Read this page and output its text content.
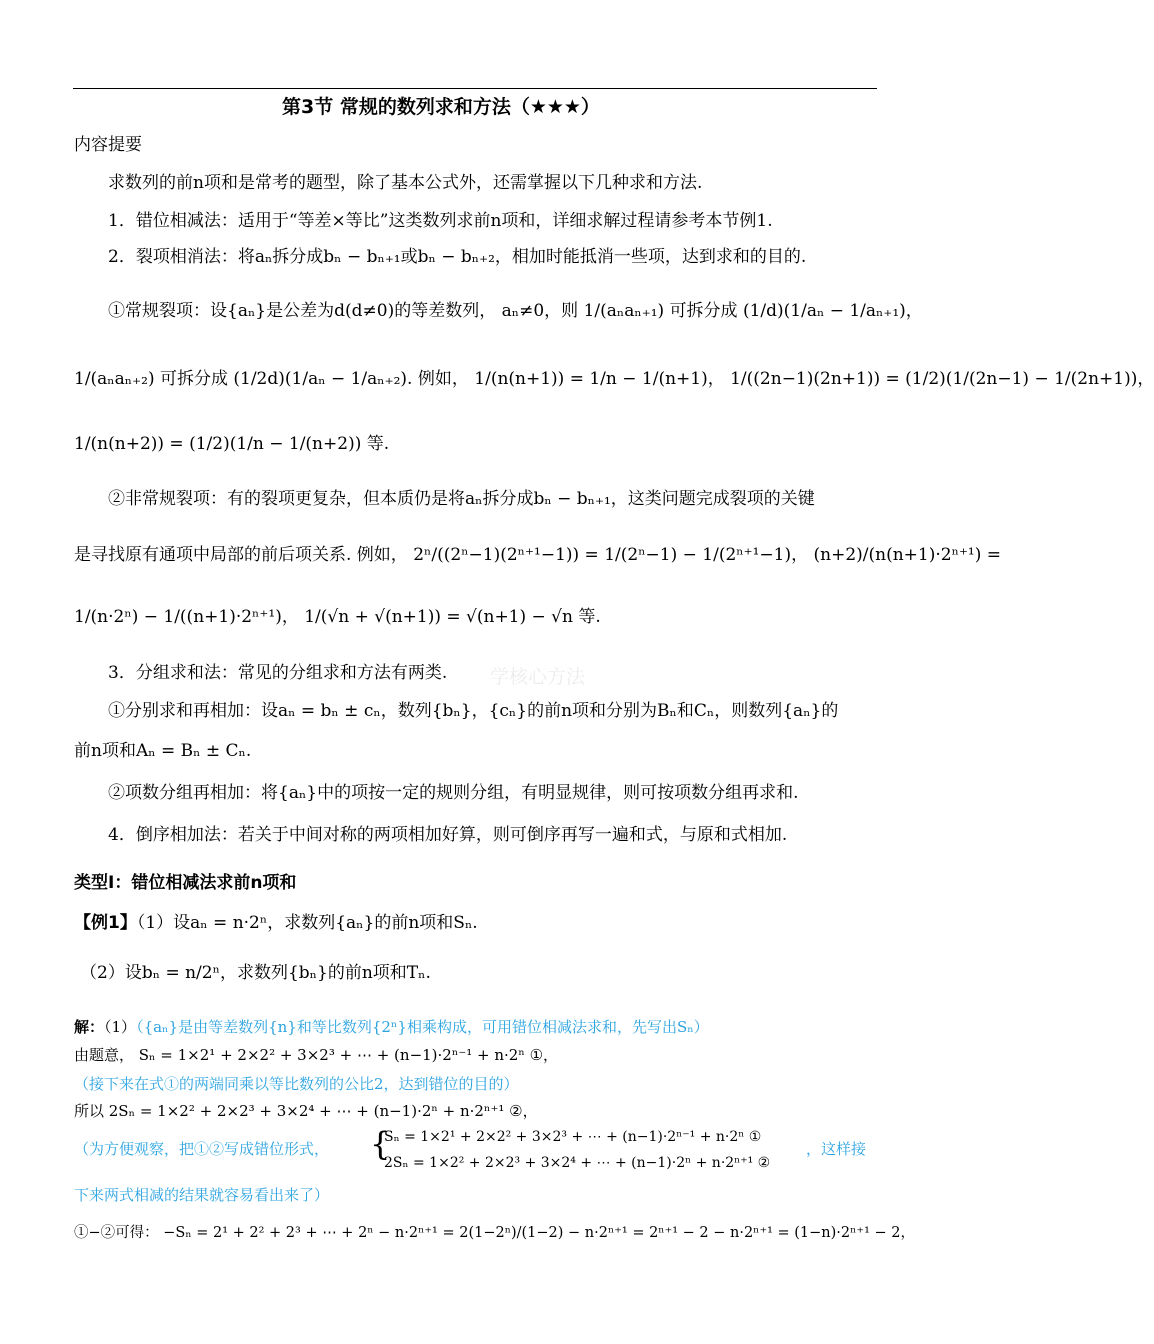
学核心方法
第3节 常规的数列求和方法（★★★）
内容提要
求数列的前n项和是常考的题型，除了基本公式外，还需掌握以下几种求和方法.
1．错位相减法：适用于“等差×等比”这类数列求前n项和，详细求解过程请参考本节例1.
2．裂项相消法：将aₙ拆分成bₙ − bₙ₊₁或bₙ − bₙ₊₂，相加时能抵消一些项，达到求和的目的.
①常规裂项：设{aₙ}是公差为d(d≠0)的等差数列， aₙ≠0，则 1/(aₙaₙ₊₁) 可拆分成 (1/d)(1/aₙ − 1/aₙ₊₁)，
1/(aₙaₙ₊₂) 可拆分成 (1/2d)(1/aₙ − 1/aₙ₊₂). 例如， 1/(n(n+1)) = 1/n − 1/(n+1)， 1/((2n−1)(2n+1)) = (1/2)(1/(2n−1) − 1/(2n+1))，
1/(n(n+2)) = (1/2)(1/n − 1/(n+2)) 等.
②非常规裂项：有的裂项更复杂，但本质仍是将aₙ拆分成bₙ − bₙ₊₁，这类问题完成裂项的关键
是寻找原有通项中局部的前后项关系. 例如， 2ⁿ/((2ⁿ−1)(2ⁿ⁺¹−1)) = 1/(2ⁿ−1) − 1/(2ⁿ⁺¹−1)， (n+2)/(n(n+1)·2ⁿ⁺¹) =
1/(n·2ⁿ) − 1/((n+1)·2ⁿ⁺¹)， 1/(√n + √(n+1)) = √(n+1) − √n 等.
3．分组求和法：常见的分组求和方法有两类.
①分别求和再相加：设aₙ = bₙ ± cₙ，数列{bₙ}，{cₙ}的前n项和分别为Bₙ和Cₙ，则数列{aₙ}的
前n项和Aₙ = Bₙ ± Cₙ.
②项数分组再相加：将{aₙ}中的项按一定的规则分组，有明显规律，则可按项数分组再求和.
4．倒序相加法：若关于中间对称的两项相加好算，则可倒序再写一遍和式，与原和式相加.
类型Ⅰ：错位相减法求前n项和
【例1】（1）设aₙ = n·2ⁿ，求数列{aₙ}的前n项和Sₙ.
（2）设bₙ = n/2ⁿ，求数列{bₙ}的前n项和Tₙ.
解：（1）（{aₙ}是由等差数列{n}和等比数列{2ⁿ}相乘构成，可用错位相减法求和，先写出Sₙ）
由题意， Sₙ = 1×2¹ + 2×2² + 3×2³ + ⋯ + (n−1)·2ⁿ⁻¹ + n·2ⁿ ①，
（接下来在式①的两端同乘以等比数列的公比2，达到错位的目的）
所以 2Sₙ = 1×2² + 2×2³ + 3×2⁴ + ⋯ + (n−1)·2ⁿ + n·2ⁿ⁺¹ ②，
（为方便观察，把①②写成错位形式， {
Sₙ = 1×2¹ + 2×2² + 3×2³ + ⋯ + (n−1)·2ⁿ⁻¹ + n·2ⁿ ①
2Sₙ = 1×2² + 2×2³ + 3×2⁴ + ⋯ + (n−1)·2ⁿ + n·2ⁿ⁺¹ ②
，这样接
下来两式相减的结果就容易看出来了）
①−②可得： −Sₙ = 2¹ + 2² + 2³ + ⋯ + 2ⁿ − n·2ⁿ⁺¹ = 2(1−2ⁿ)/(1−2) − n·2ⁿ⁺¹ = 2ⁿ⁺¹ − 2 − n·2ⁿ⁺¹ = (1−n)·2ⁿ⁺¹ − 2，
